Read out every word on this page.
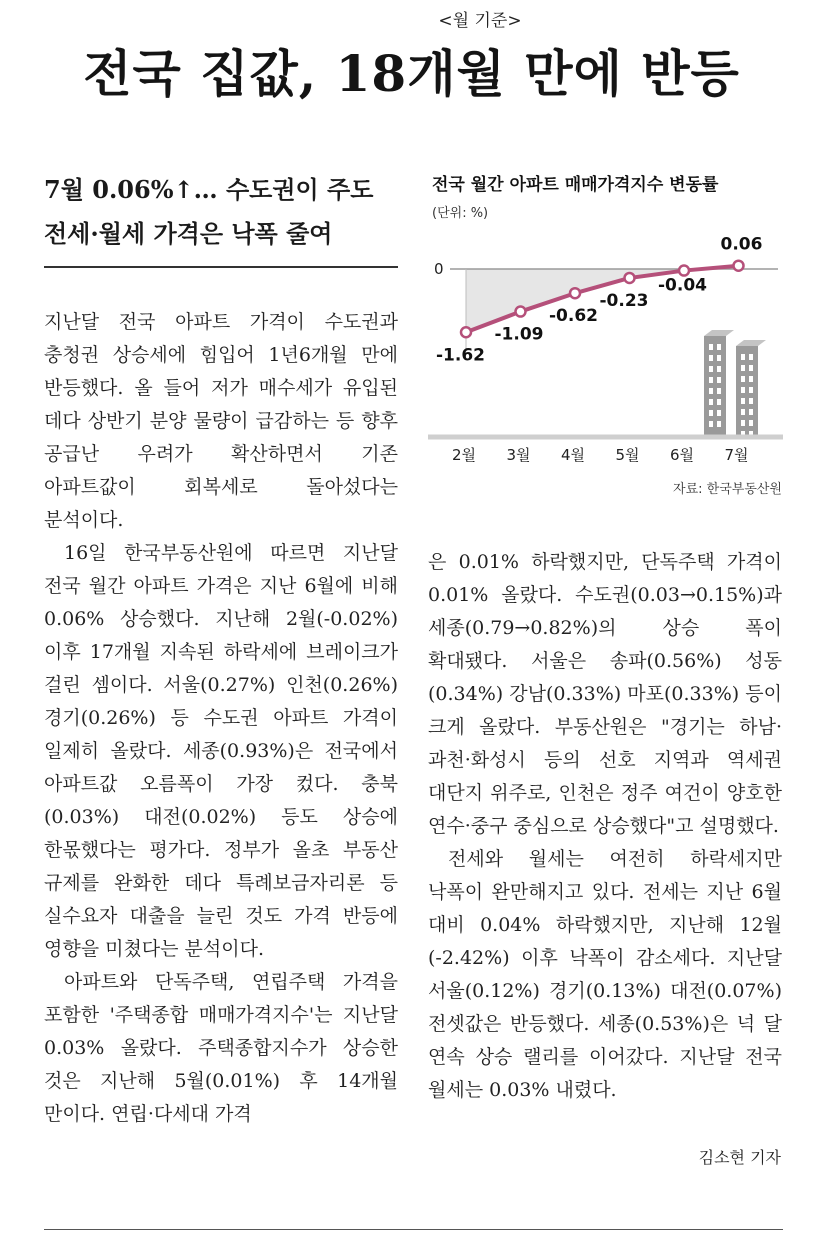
<월 기준>
전국 집값, 18개월 만에 반등
7월 0.06%↑… 수도권이 주도
전세·월세 가격은 낙폭 줄여

지난달 전국 아파트 가격이 수도권과 충청권 상승세에 힘입어 1년6개월 만에 반등했다. 올 들어 저가 매수세가 유입된 데다 상반기 분양 물량이 급감하는 등 향후 공급난 우려가 확산하면서 기존 아파트값이 회복세로 돌아섰다는 분석이다.

16일 한국부동산원에 따르면 지난달 전국 월간 아파트 가격은 지난 6월에 비해 0.06% 상승했다. 지난해 2월(-0.02%) 이후 17개월 지속된 하락세에 브레이크가 걸린 셈이다. 서울(0.27%) 인천(0.26%) 경기(0.26%) 등 수도권 아파트 가격이 일제히 올랐다. 세종(0.93%)은 전국에서 아파트값 오름폭이 가장 컸다. 충북(0.03%) 대전(0.02%) 등도 상승에 한몫했다는 평가다. 정부가 올초 부동산 규제를 완화한 데다 특례보금자리론 등 실수요자 대출을 늘린 것도 가격 반등에 영향을 미쳤다는 분석이다.

아파트와 단독주택, 연립주택 가격을 포함한 '주택종합 매매가격지수'는 지난달 0.03% 올랐다. 주택종합지수가 상승한 것은 지난해 5월(0.01%) 후 14개월 만이다. 연립·다세대 가격

전국 월간 아파트 매매가격지수 변동률
(단위: %)
0
-1.62
-1.09
-0.62
-0.23
-0.04
0.06
2월 3월 4월 5월 6월 7월
자료: 한국부동산원

은 0.01% 하락했지만, 단독주택 가격이 0.01% 올랐다. 수도권(0.03→0.15%)과 세종(0.79→0.82%)의 상승 폭이 확대됐다. 서울은 송파(0.56%) 성동(0.34%) 강남(0.33%) 마포(0.33%) 등이 크게 올랐다. 부동산원은 "경기는 하남·과천·화성시 등의 선호 지역과 역세권 대단지 위주로, 인천은 정주 여건이 양호한 연수·중구 중심으로 상승했다"고 설명했다.

전세와 월세는 여전히 하락세지만 낙폭이 완만해지고 있다. 전세는 지난 6월 대비 0.04% 하락했지만, 지난해 12월(-2.42%) 이후 낙폭이 감소세다. 지난달 서울(0.12%) 경기(0.13%) 대전(0.07%) 전셋값은 반등했다. 세종(0.53%)은 넉 달 연속 상승 랠리를 이어갔다. 지난달 전국 월세는 0.03% 내렸다.

김소현 기자
